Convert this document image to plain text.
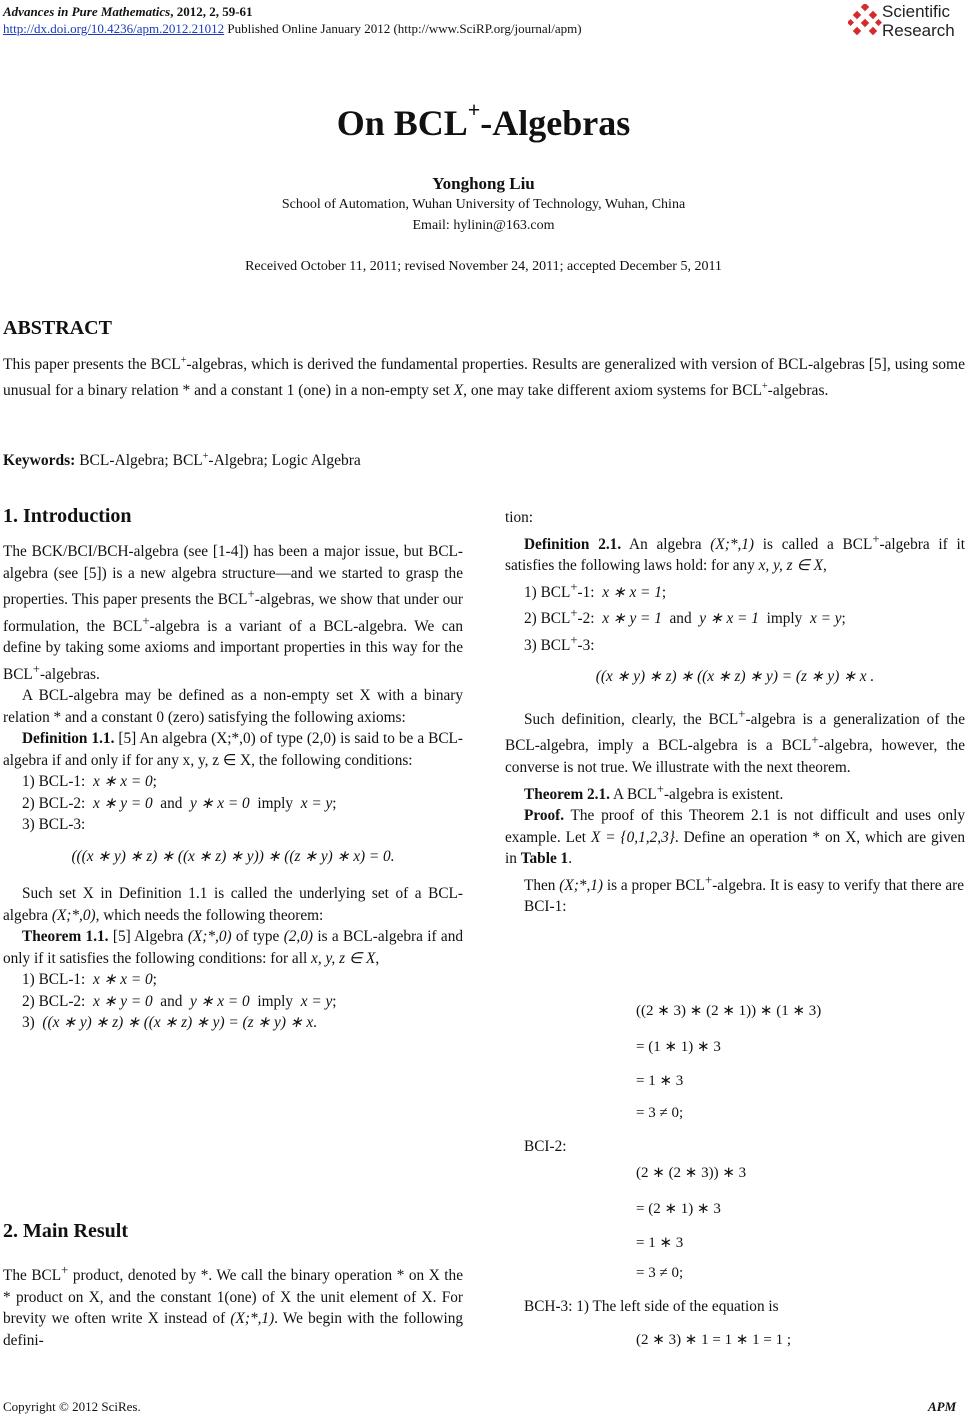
Advances in Pure Mathematics, 2012, 2, 59-61
http://dx.doi.org/10.4236/apm.2012.21012 Published Online January 2012 (http://www.SciRP.org/journal/apm)
Scientific
Research
On BCL+-Algebras
Yonghong Liu
School of Automation, Wuhan University of Technology, Wuhan, China
Email: hylinin@163.com
Received October 11, 2011; revised November 24, 2011; accepted December 5, 2011
ABSTRACT
This paper presents the BCL+-algebras, which is derived the fundamental properties. Results are generalized with version of BCL-algebras [5], using some unusual for a binary relation * and a constant 1 (one) in a non-empty set X, one may take different axiom systems for BCL+-algebras.
Keywords: BCL-Algebra; BCL+-Algebra; Logic Algebra
1. Introduction

The BCK/BCI/BCH-algebra (see [1-4]) has been a major issue, but BCL-algebra (see [5]) is a new algebra structure—and we started to grasp the properties. This paper presents the BCL+-algebras, we show that under our formulation, the BCL+-algebra is a variant of a BCL-algebra. We can define by taking some axioms and important properties in this way for the BCL+-algebras.

A BCL-algebra may be defined as a non-empty set X with a binary relation * and a constant 0 (zero) satisfying the following axioms:

Definition 1.1. [5] An algebra (X;*,0) of type (2,0) is said to be a BCL-algebra if and only if for any x, y, z ∈ X, the following conditions:

1) BCL-1: x ∗ x = 0;

2) BCL-2: x ∗ y = 0 and y ∗ x = 0 imply x = y;

3) BCL-3:

(((x ∗ y) ∗ z) ∗ ((x ∗ z) ∗ y)) ∗ ((z ∗ y) ∗ x) = 0.

Such set X in Definition 1.1 is called the underlying set of a BCL-algebra (X;*,0), which needs the following theorem:

Theorem 1.1. [5] Algebra (X;*,0) of type (2,0) is a BCL-algebra if and only if it satisfies the following conditions: for all x, y, z ∈ X,

1) BCL-1: x ∗ x = 0;

2) BCL-2: x ∗ y = 0 and y ∗ x = 0 imply x = y;

3) ((x ∗ y) ∗ z) ∗ ((x ∗ z) ∗ y) = (z ∗ y) ∗ x.

2. Main Result

The BCL+ product, denoted by *. We call the binary operation * on X the * product on X, and the constant 1(one) of X the unit element of X. For brevity we often write X instead of (X;*,1). We begin with the following defini-

tion:

Definition 2.1. An algebra (X;*,1) is called a BCL+-algebra if it satisfies the following laws hold: for any x, y, z ∈ X,

1) BCL+-1: x ∗ x = 1;

2) BCL+-2: x ∗ y = 1 and y ∗ x = 1 imply x = y;

3) BCL+-3:

((x ∗ y) ∗ z) ∗ ((x ∗ z) ∗ y) = (z ∗ y) ∗ x .

Such definition, clearly, the BCL+-algebra is a generalization of the BCL-algebra, imply a BCL-algebra is a BCL+-algebra, however, the converse is not true. We illustrate with the next theorem.

Theorem 2.1. A BCL+-algebra is existent.

Proof. The proof of this Theorem 2.1 is not difficult and uses only example. Let X = {0,1,2,3}. Define an operation * on X, which are given in Table 1.

Then (X;*,1) is a proper BCL+-algebra. It is easy to verify that there are

BCI-1:

((2 ∗ 3) ∗ (2 ∗ 1)) ∗ (1 ∗ 3)
= (1 ∗ 1) ∗ 3
= 1 ∗ 3
= 3 ≠ 0;
BCI-2:
(2 ∗ (2 ∗ 3)) ∗ 3
= (2 ∗ 1) ∗ 3
= 1 ∗ 3
= 3 ≠ 0;
BCH-3: 1) The left side of the equation is
(2 ∗ 3) ∗ 1 = 1 ∗ 1 = 1 ;
Copyright © 2012 SciRes.	APM
